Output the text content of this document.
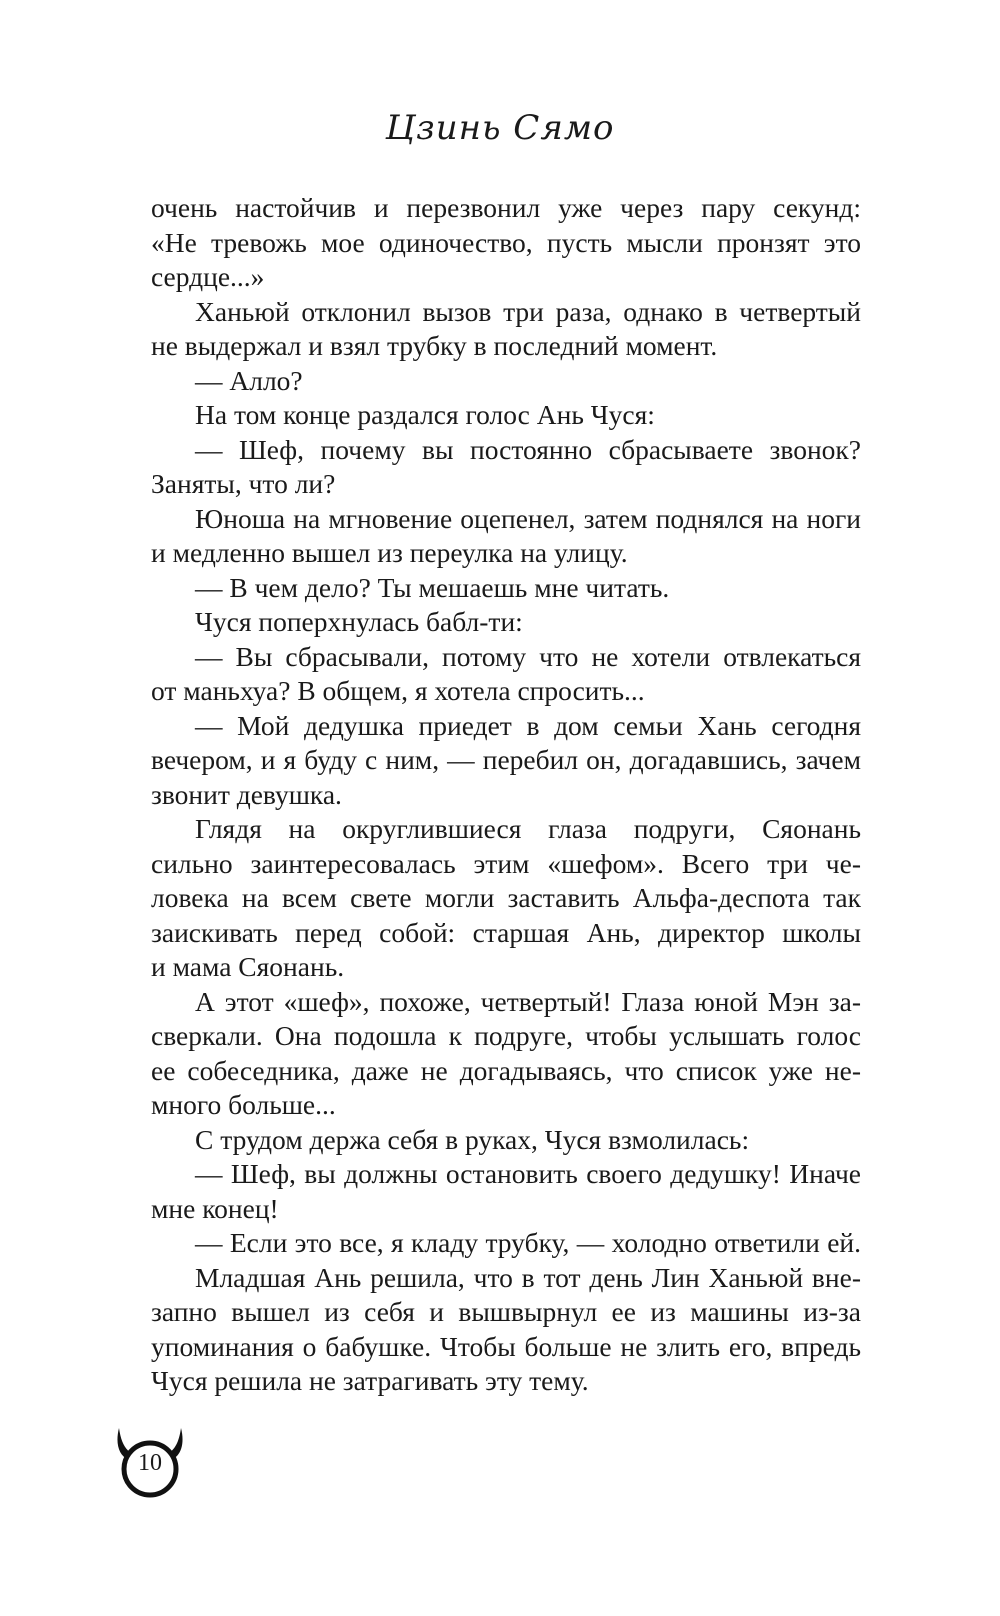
Цзинь Сямо
очень настойчив и перезвонил уже через пару секунд:
«Не тревожь мое одиночество, пусть мысли пронзят это
сердце...»
Ханьюй отклонил вызов три раза, однако в четвертый
не выдержал и взял трубку в последний момент.
— Алло?
На том конце раздался голос Ань Чуся:
— Шеф, почему вы постоянно сбрасываете звонок?
Заняты, что ли?
Юноша на мгновение оцепенел, затем поднялся на ноги
и медленно вышел из переулка на улицу.
— В чем дело? Ты мешаешь мне читать.
Чуся поперхнулась бабл-ти:
— Вы сбрасывали, потому что не хотели отвлекаться
от маньхуа? В общем, я хотела спросить...
— Мой дедушка приедет в дом семьи Хань сегодня
вечером, и я буду с ним, — перебил он, догадавшись, зачем
звонит девушка.
Глядя на округлившиеся глаза подруги, Сяонань
сильно заинтересовалась этим «шефом». Всего три че-
ловека на всем свете могли заставить Альфа-деспота так
заискивать перед собой: старшая Ань, директор школы
и мама Сяонань.
А этот «шеф», похоже, четвертый! Глаза юной Мэн за-
сверкали. Она подошла к подруге, чтобы услышать голос
ее собеседника, даже не догадываясь, что список уже не-
много больше...
С трудом держа себя в руках, Чуся взмолилась:
— Шеф, вы должны остановить своего дедушку! Иначе
мне конец!
— Если это все, я кладу трубку, — холодно ответили ей.
Младшая Ань решила, что в тот день Лин Ханьюй вне-
запно вышел из себя и вышвырнул ее из машины из-за
упоминания о бабушке. Чтобы больше не злить его, впредь
Чуся решила не затрагивать эту тему.
10
